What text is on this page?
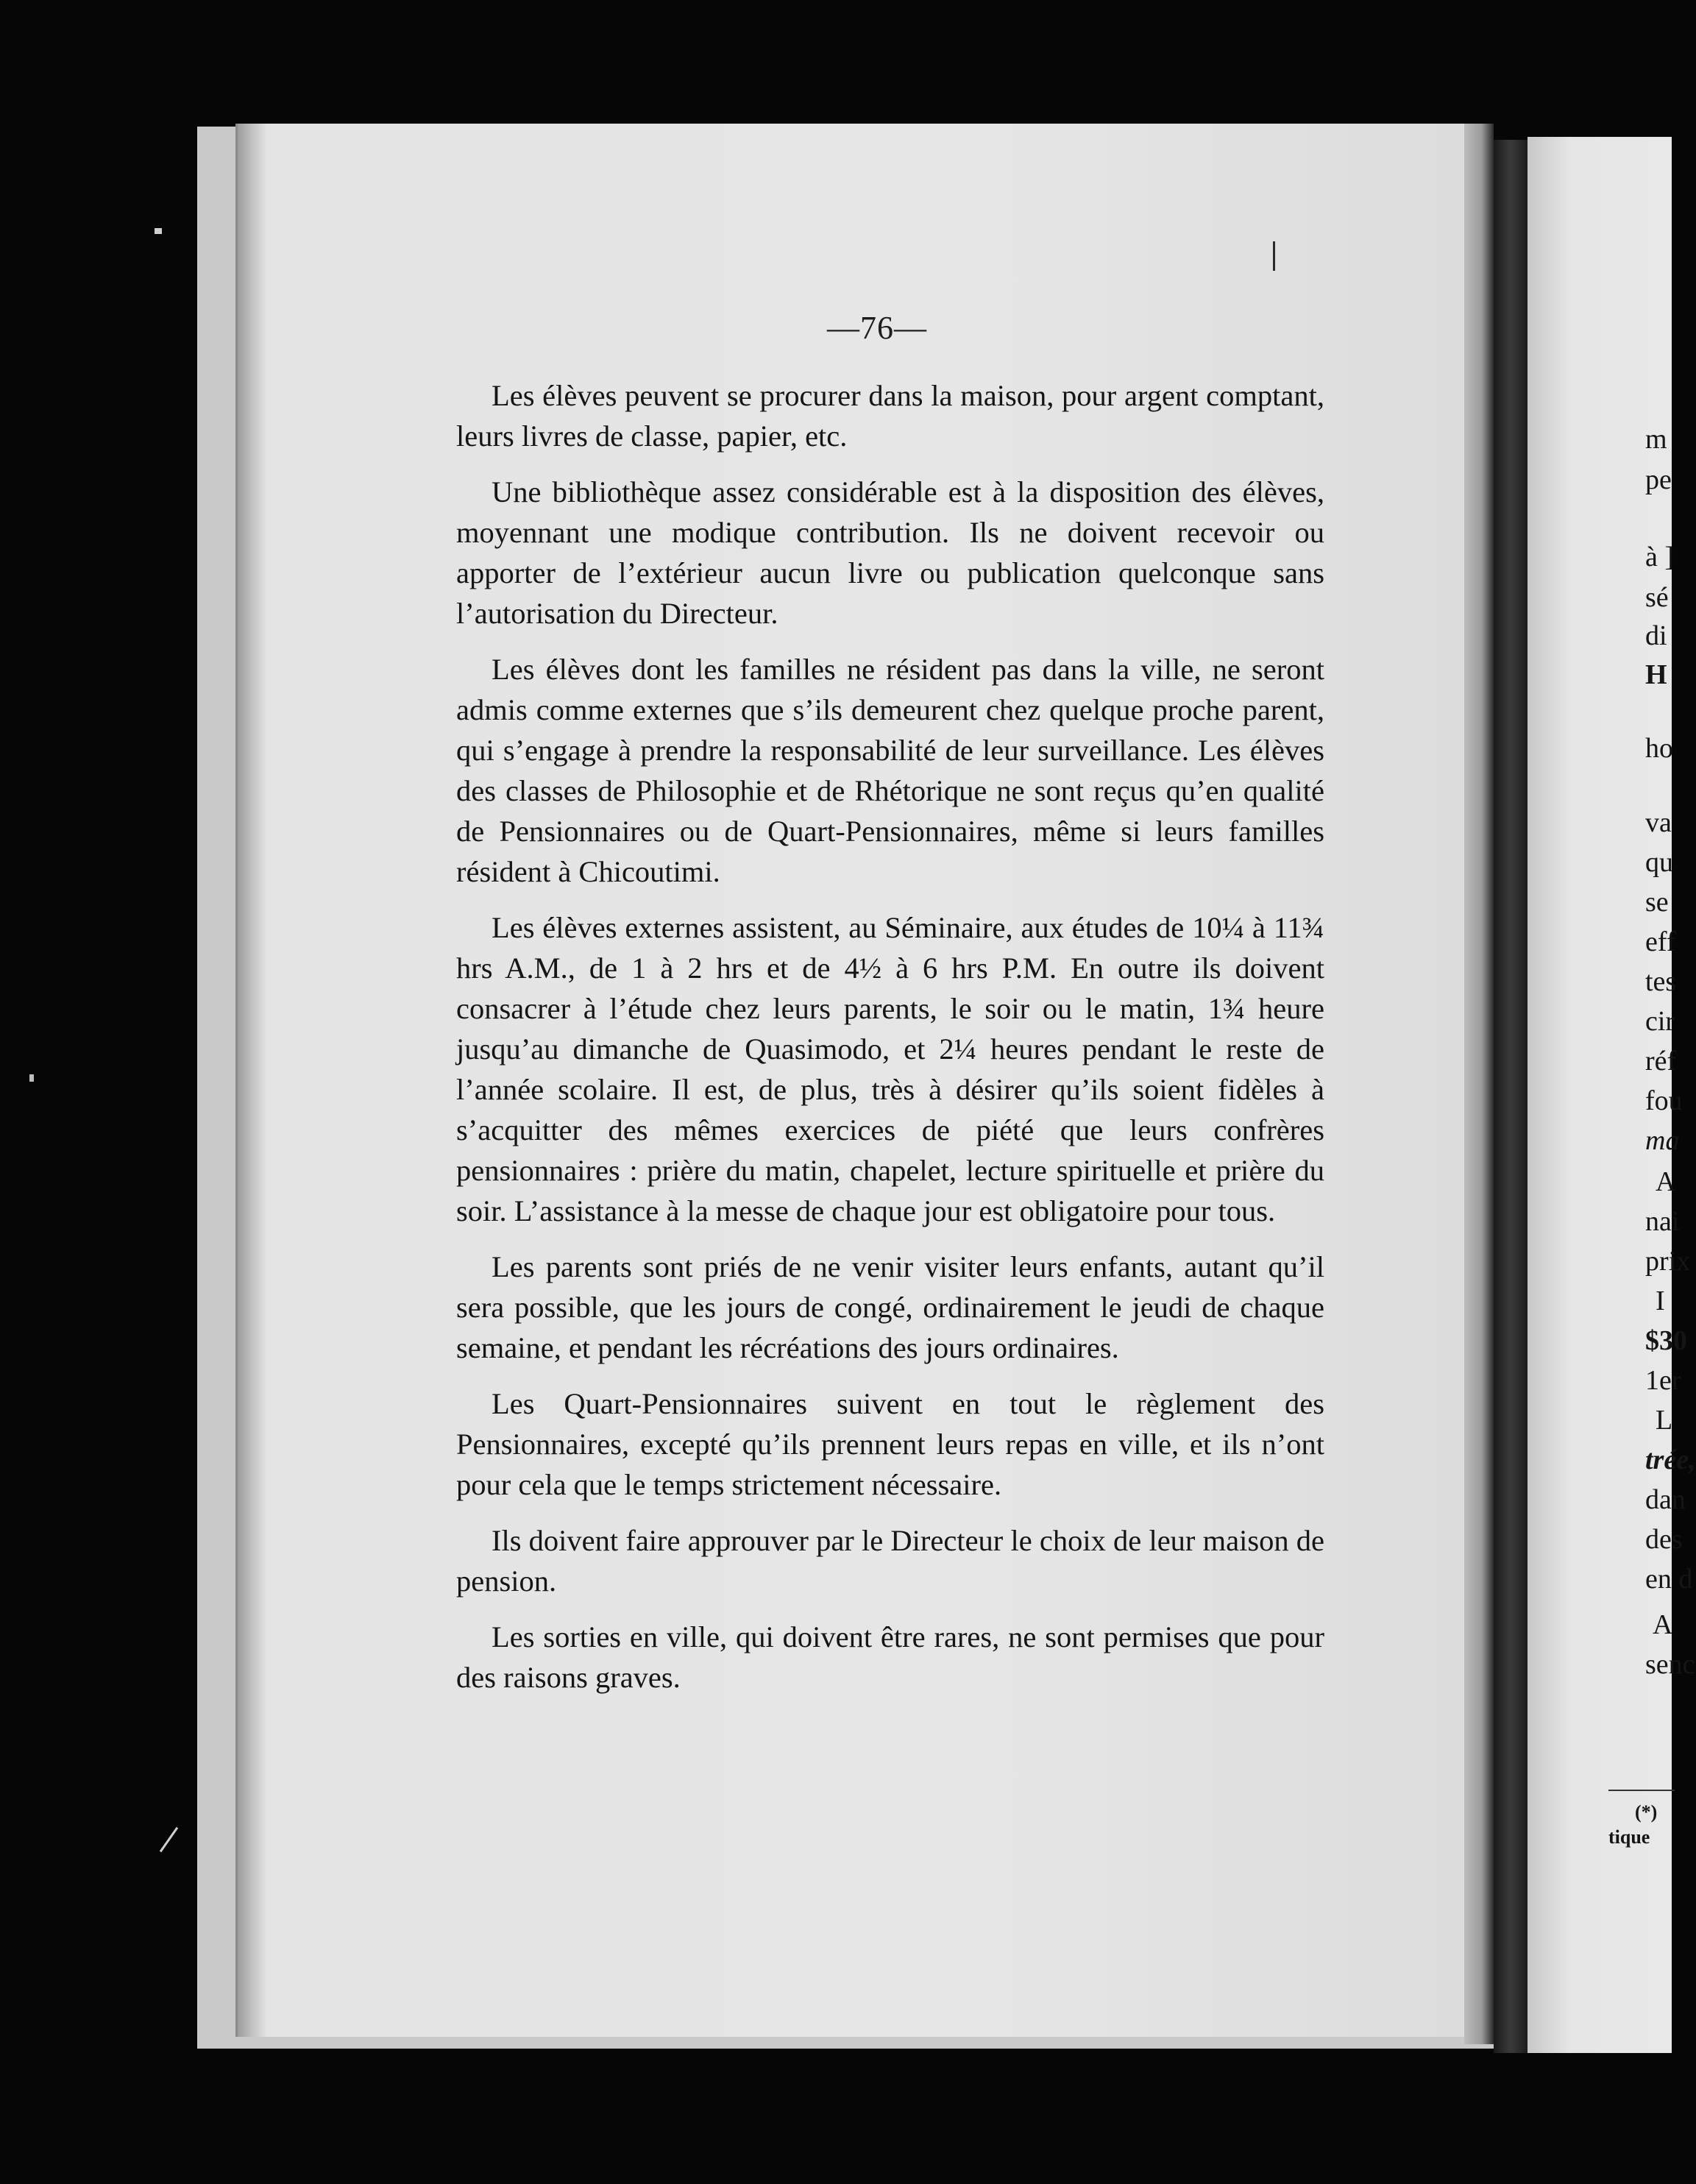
—76—

Les élèves peuvent se procurer dans la maison, pour argent comptant, leurs livres de classe, papier, etc.

Une bibliothèque assez considérable est à la disposition des élèves, moyennant une modique contribution. Ils ne doivent recevoir ou apporter de l’extérieur aucun livre ou publication quelconque sans l’autorisation du Directeur.

Les élèves dont les familles ne résident pas dans la ville, ne seront admis comme externes que s’ils demeurent chez quelque proche parent, qui s’engage à prendre la responsabilité de leur surveillance. Les élèves des classes de Philosophie et de Rhétorique ne sont reçus qu’en qualité de Pensionnaires ou de Quart-Pensionnaires, même si leurs familles résident à Chicoutimi.

Les élèves externes assistent, au Séminaire, aux études de 10¼ à 11¾ hrs A.M., de 1 à 2 hrs et de 4½ à 6 hrs P.M. En outre ils doivent consacrer à l’étude chez leurs parents, le soir ou le matin, 1¾ heure jusqu’au dimanche de Quasimodo, et 2¼ heures pendant le reste de l’année scolaire. Il est, de plus, très à désirer qu’ils soient fidèles à s’acquitter des mêmes exercices de piété que leurs confrères pensionnaires : prière du matin, chapelet, lecture spirituelle et prière du soir. L’assistance à la messe de chaque jour est obligatoire pour tous.

Les parents sont priés de ne venir visiter leurs enfants, autant qu’il sera possible, que les jours de congé, ordinairement le jeudi de chaque semaine, et pendant les récréations des jours ordinaires.

Les Quart-Pensionnaires suivent en tout le règlement des Pensionnaires, excepté qu’ils prennent leurs repas en ville, et ils n’ont pour cela que le temps strictement nécessaire.

Ils doivent faire approuver par le Directeur le choix de leur maison de pension.

Les sorties en ville, qui doivent être rares, ne sont permises que pour des raisons graves.

m
pe
à ]
sé
di
H
ho
va
qu
se
eff
tes
cir
réf
fou
ma
A
nai
prix
I
$30
1er
L
trée,
dan
des
en d
A
senc
(*)
tique
